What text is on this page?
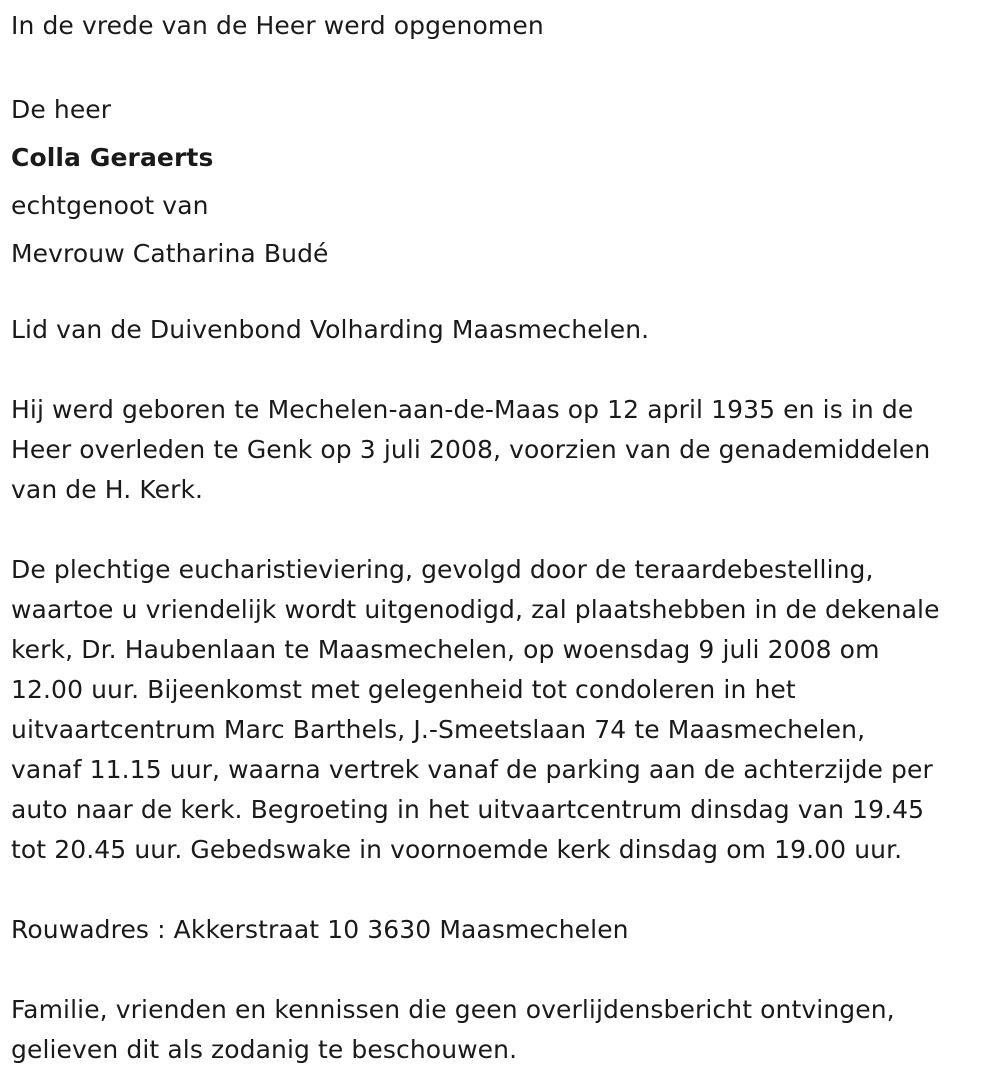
In de vrede van de Heer werd opgenomen
De heer
Colla Geraerts
echtgenoot van
Mevrouw Catharina Budé
Lid van de Duivenbond Volharding Maasmechelen.
Hij werd geboren te Mechelen-aan-de-Maas op 12 april 1935 en is in de
Heer overleden te Genk op 3 juli 2008, voorzien van de genademiddelen
van de H. Kerk.
De plechtige eucharistieviering, gevolgd door de teraardebestelling,
waartoe u vriendelijk wordt uitgenodigd, zal plaatshebben in de dekenale
kerk, Dr. Haubenlaan te Maasmechelen, op woensdag 9 juli 2008 om
12.00 uur. Bijeenkomst met gelegenheid tot condoleren in het
uitvaartcentrum Marc Barthels, J.-Smeetslaan 74 te Maasmechelen,
vanaf 11.15 uur, waarna vertrek vanaf de parking aan de achterzijde per
auto naar de kerk. Begroeting in het uitvaartcentrum dinsdag van 19.45
tot 20.45 uur. Gebedswake in voornoemde kerk dinsdag om 19.00 uur.
Rouwadres : Akkerstraat 10 3630 Maasmechelen
Familie, vrienden en kennissen die geen overlijdensbericht ontvingen,
gelieven dit als zodanig te beschouwen.
